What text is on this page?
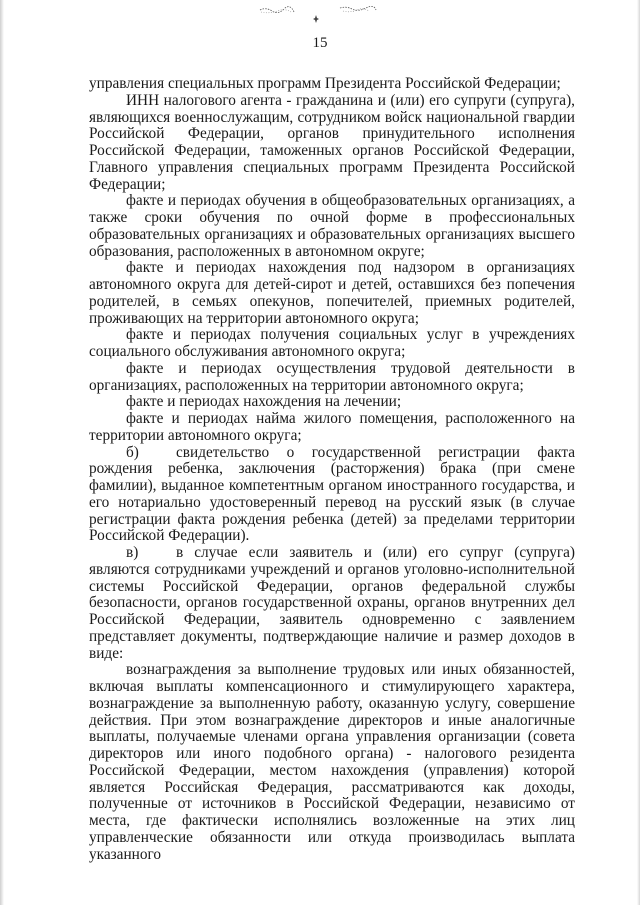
15

управления специальных программ Президента Российской Федерации;

ИНН налогового агента - гражданина и (или) его супруги (супруга), являющихся военнослужащим, сотрудником войск национальной гвардии Российской Федерации, органов принудительного исполнения Российской Федерации, таможенных органов Российской Федерации, Главного управления специальных программ Президента Российской Федерации;

факте и периодах обучения в общеобразовательных организациях, а также сроки обучения по очной форме в профессиональных образовательных организациях и образовательных организациях высшего образования, расположенных в автономном округе;

факте и периодах нахождения под надзором в организациях автономного округа для детей-сирот и детей, оставшихся без попечения родителей, в семьях опекунов, попечителей, приемных родителей, проживающих на территории автономного округа;

факте и периодах получения социальных услуг в учреждениях социального обслуживания автономного округа;

факте и периодах осуществления трудовой деятельности в организациях, расположенных на территории автономного округа;

факте и периодах нахождения на лечении;

факте и периодах найма жилого помещения, расположенного на территории автономного округа;

б) свидетельство о государственной регистрации факта рождения ребенка, заключения (расторжения) брака (при смене фамилии), выданное компетентным органом иностранного государства, и его нотариально удостоверенный перевод на русский язык (в случае регистрации факта рождения ребенка (детей) за пределами территории Российской Федерации).

в) в случае если заявитель и (или) его супруг (супруга) являются сотрудниками учреждений и органов уголовно-исполнительной системы Российской Федерации, органов федеральной службы безопасности, органов государственной охраны, органов внутренних дел Российской Федерации, заявитель одновременно с заявлением представляет документы, подтверждающие наличие и размер доходов в виде:

вознаграждения за выполнение трудовых или иных обязанностей, включая выплаты компенсационного и стимулирующего характера, вознаграждение за выполненную работу, оказанную услугу, совершение действия. При этом вознаграждение директоров и иные аналогичные выплаты, получаемые членами органа управления организации (совета директоров или иного подобного органа) - налогового резидента Российской Федерации, местом нахождения (управления) которой является Российская Федерация, рассматриваются как доходы, полученные от источников в Российской Федерации, независимо от места, где фактически исполнялись возложенные на этих лиц управленческие обязанности или откуда производилась выплата указанного
